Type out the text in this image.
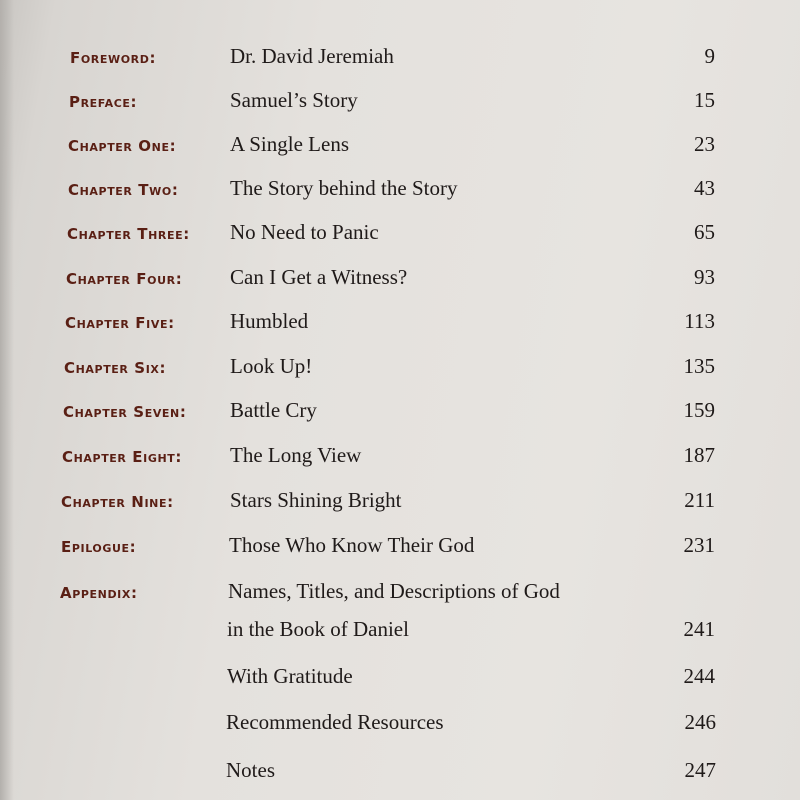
Foreword:	Dr. David Jeremiah	9
Preface:	Samuel’s Story	15
Chapter One:	A Single Lens	23
Chapter Two: The Story behind the Story	43
Chapter Three: No Need to Panic	65
Chapter Four: Can I Get a Witness?	93
Chapter Five:	Humbled	113
Chapter Six:	Look Up!	135
Chapter Seven: Battle Cry	159
Chapter Eight: The Long View	187
Chapter Nine:	Stars Shining Bright	211
Epilogue:	Those Who Know Their God	231
Appendix:	Names, Titles, and Descriptions of God
in the Book of Daniel	241
With Gratitude	244
Recommended Resources	246
Notes	247
